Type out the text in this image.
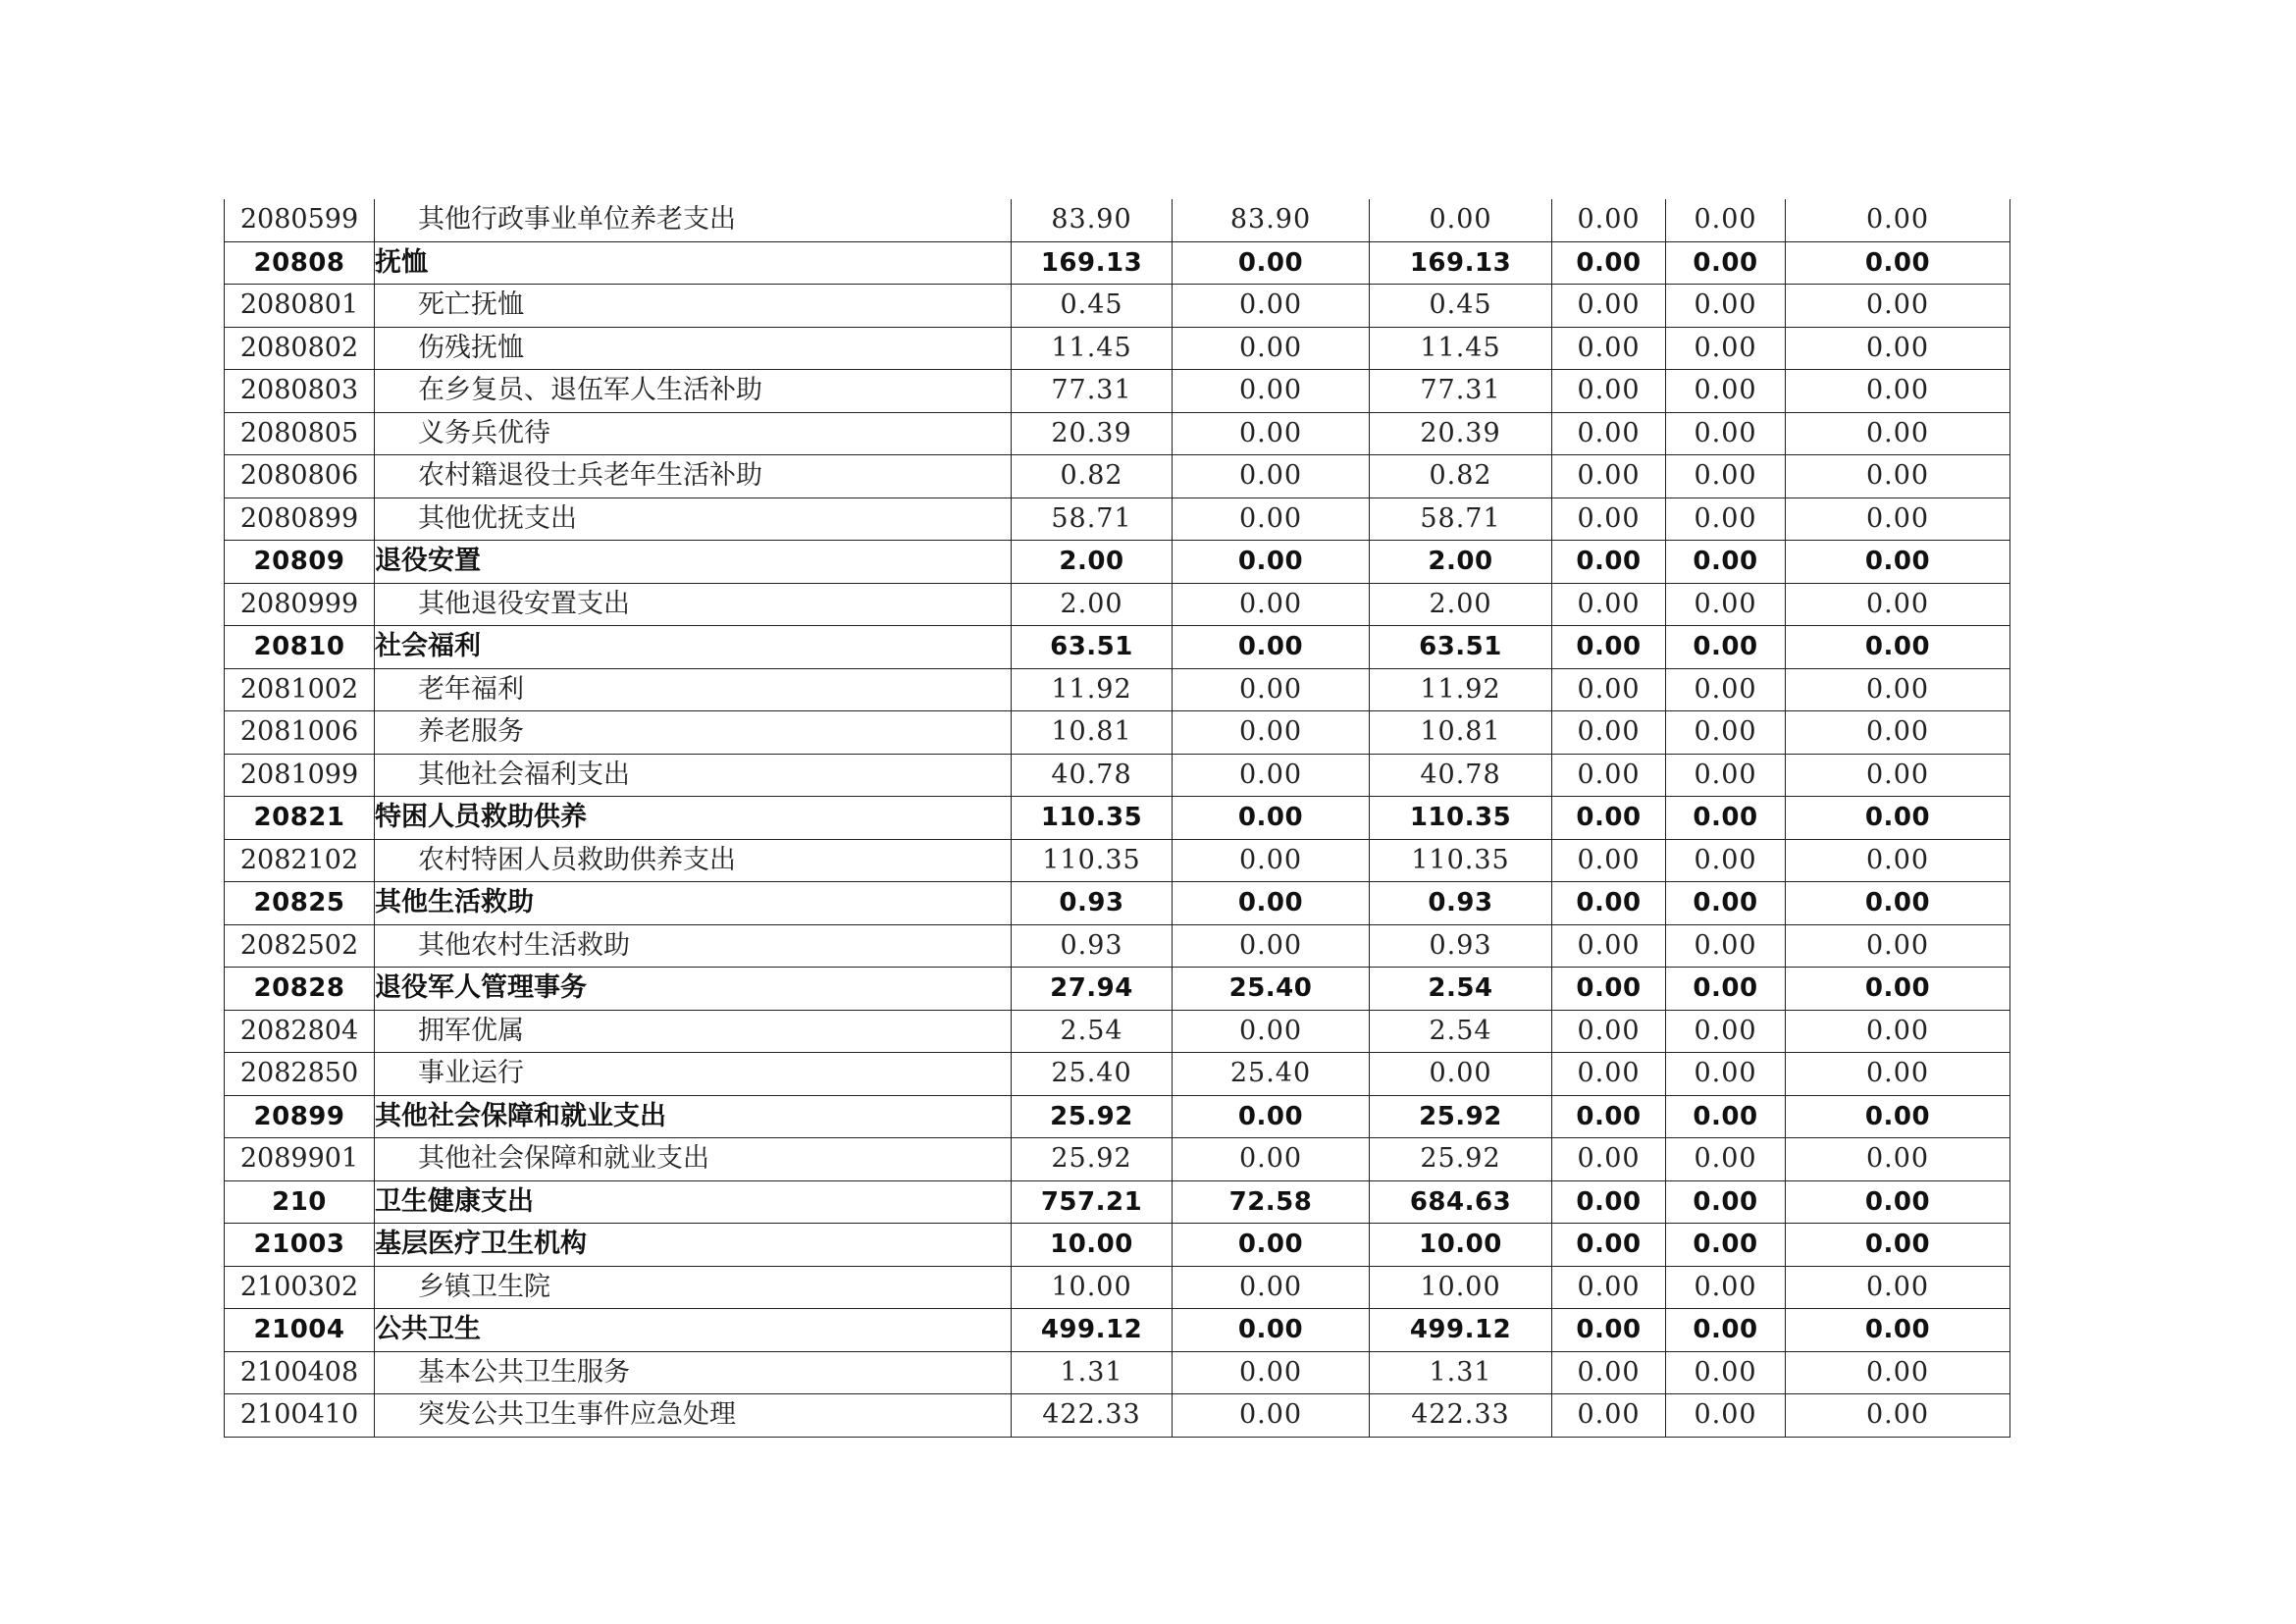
2080599	其他行政事业单位养老支出	83.90	83.90	0.00	0.00	0.00	0.00
20808	抚恤	169.13	0.00	169.13	0.00	0.00	0.00
2080801	死亡抚恤	0.45	0.00	0.45	0.00	0.00	0.00
2080802	伤残抚恤	11.45	0.00	11.45	0.00	0.00	0.00
2080803	在乡复员、退伍军人生活补助	77.31	0.00	77.31	0.00	0.00	0.00
2080805	义务兵优待	20.39	0.00	20.39	0.00	0.00	0.00
2080806	农村籍退役士兵老年生活补助	0.82	0.00	0.82	0.00	0.00	0.00
2080899	其他优抚支出	58.71	0.00	58.71	0.00	0.00	0.00
20809	退役安置	2.00	0.00	2.00	0.00	0.00	0.00
2080999	其他退役安置支出	2.00	0.00	2.00	0.00	0.00	0.00
20810	社会福利	63.51	0.00	63.51	0.00	0.00	0.00
2081002	老年福利	11.92	0.00	11.92	0.00	0.00	0.00
2081006	养老服务	10.81	0.00	10.81	0.00	0.00	0.00
2081099	其他社会福利支出	40.78	0.00	40.78	0.00	0.00	0.00
20821	特困人员救助供养	110.35	0.00	110.35	0.00	0.00	0.00
2082102	农村特困人员救助供养支出	110.35	0.00	110.35	0.00	0.00	0.00
20825	其他生活救助	0.93	0.00	0.93	0.00	0.00	0.00
2082502	其他农村生活救助	0.93	0.00	0.93	0.00	0.00	0.00
20828	退役军人管理事务	27.94	25.40	2.54	0.00	0.00	0.00
2082804	拥军优属	2.54	0.00	2.54	0.00	0.00	0.00
2082850	事业运行	25.40	25.40	0.00	0.00	0.00	0.00
20899	其他社会保障和就业支出	25.92	0.00	25.92	0.00	0.00	0.00
2089901	其他社会保障和就业支出	25.92	0.00	25.92	0.00	0.00	0.00
210	卫生健康支出	757.21	72.58	684.63	0.00	0.00	0.00
21003	基层医疗卫生机构	10.00	0.00	10.00	0.00	0.00	0.00
2100302	乡镇卫生院	10.00	0.00	10.00	0.00	0.00	0.00
21004	公共卫生	499.12	0.00	499.12	0.00	0.00	0.00
2100408	基本公共卫生服务	1.31	0.00	1.31	0.00	0.00	0.00
2100410	突发公共卫生事件应急处理	422.33	0.00	422.33	0.00	0.00	0.00
